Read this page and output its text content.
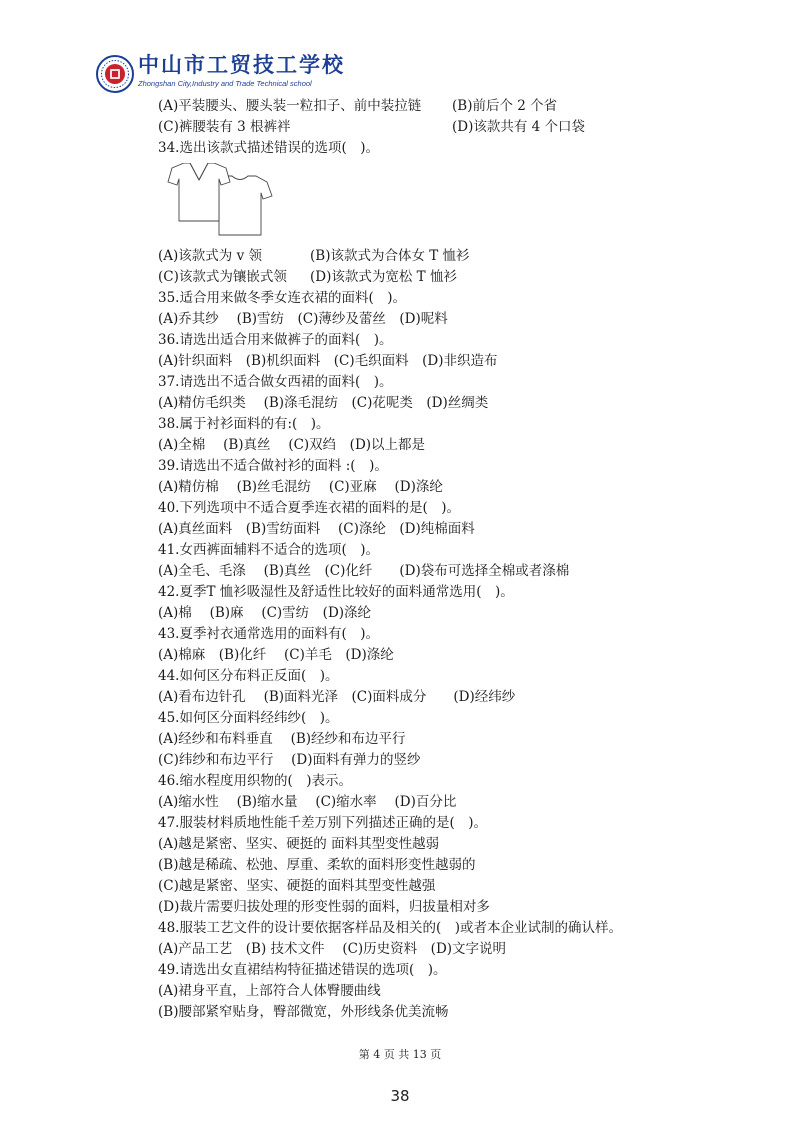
中山市工贸技工学校
Zhongshan City,Industry and Trade Technical school
(A)平装腰头、腰头装一粒扣子、前中装拉链 (B)前后个 2 个省
(C)裤腰装有 3 根裤袢	(D)该款共有 4 个口袋
34.选出该款式描述错误的选项(　)。
(A)该款式为 v 领	(B)该款式为合体女 T 恤衫
(C)该款式为镶嵌式领 (D)该款式为宽松 T 恤衫
35.适合用来做冬季女连衣裙的面料(　)。
(A)乔其纱　 (B)雪纺　(C)薄纱及蕾丝　(D)呢料
36.请选出适合用来做裤子的面料(　)。
(A)针织面料　(B)机织面料　(C)毛织面料　(D)非织造布
37.请选出不适合做女西裙的面料(　)。
(A)精仿毛织类　 (B)涤毛混纺　(C)花呢类　(D)丝绸类
38.属于衬衫面料的有:(　)。
(A)全棉　 (B)真丝　 (C)双绉　(D)以上都是
39.请选出不适合做衬衫的面料 :(　)。
(A)精仿棉　 (B)丝毛混纺　 (C)亚麻　 (D)涤纶
40.下列选项中不适合夏季连衣裙的面料的是(　)。
(A)真丝面料　(B)雪纺面料　 (C)涤纶　(D)纯棉面料
41.女西裤面辅料不适合的选项(　)。
(A)全毛、毛涤　 (B)真丝　(C)化纤　　(D)袋布可选择全棉或者涤棉
42.夏季T 恤衫吸湿性及舒适性比较好的面料通常选用(　)。
(A)棉　 (B)麻　 (C)雪纺　(D)涤纶
43.夏季衬衣通常选用的面料有(　)。
(A)棉麻　(B)化纤　 (C)羊毛　(D)涤纶
44.如何区分布料正反面(　)。
(A)看布边针孔　 (B)面料光泽　(C)面料成分　　(D)经纬纱
45.如何区分面料经纬纱(　)。
(A)经纱和布料垂直　 (B)经纱和布边平行
(C)纬纱和布边平行　 (D)面料有弹力的竖纱
46.缩水程度用织物的(　)表示。
(A)缩水性　 (B)缩水量　 (C)缩水率　 (D)百分比
47.服装材料质地性能千差万别下列描述正确的是(　)。
(A)越是紧密、坚实、硬挺的 面料其型变性越弱
(B)越是稀疏、松弛、厚重、柔软的面料形变性越弱的
(C)越是紧密、坚实、硬挺的面料其型变性越强
(D)裁片需要归拔处理的形变性弱的面料，归拔量相对多
48.服装工艺文件的设计要依据客样品及相关的(　)或者本企业试制的确认样。
(A)产品工艺　(B) 技术文件　 (C)历史资料　(D)文字说明
49.请选出女直裙结构特征描述错误的选项(　)。
(A)裙身平直，上部符合人体臀腰曲线
(B)腰部紧窄贴身，臀部微宽，外形线条优美流畅
第 4 页 共 13 页
38
